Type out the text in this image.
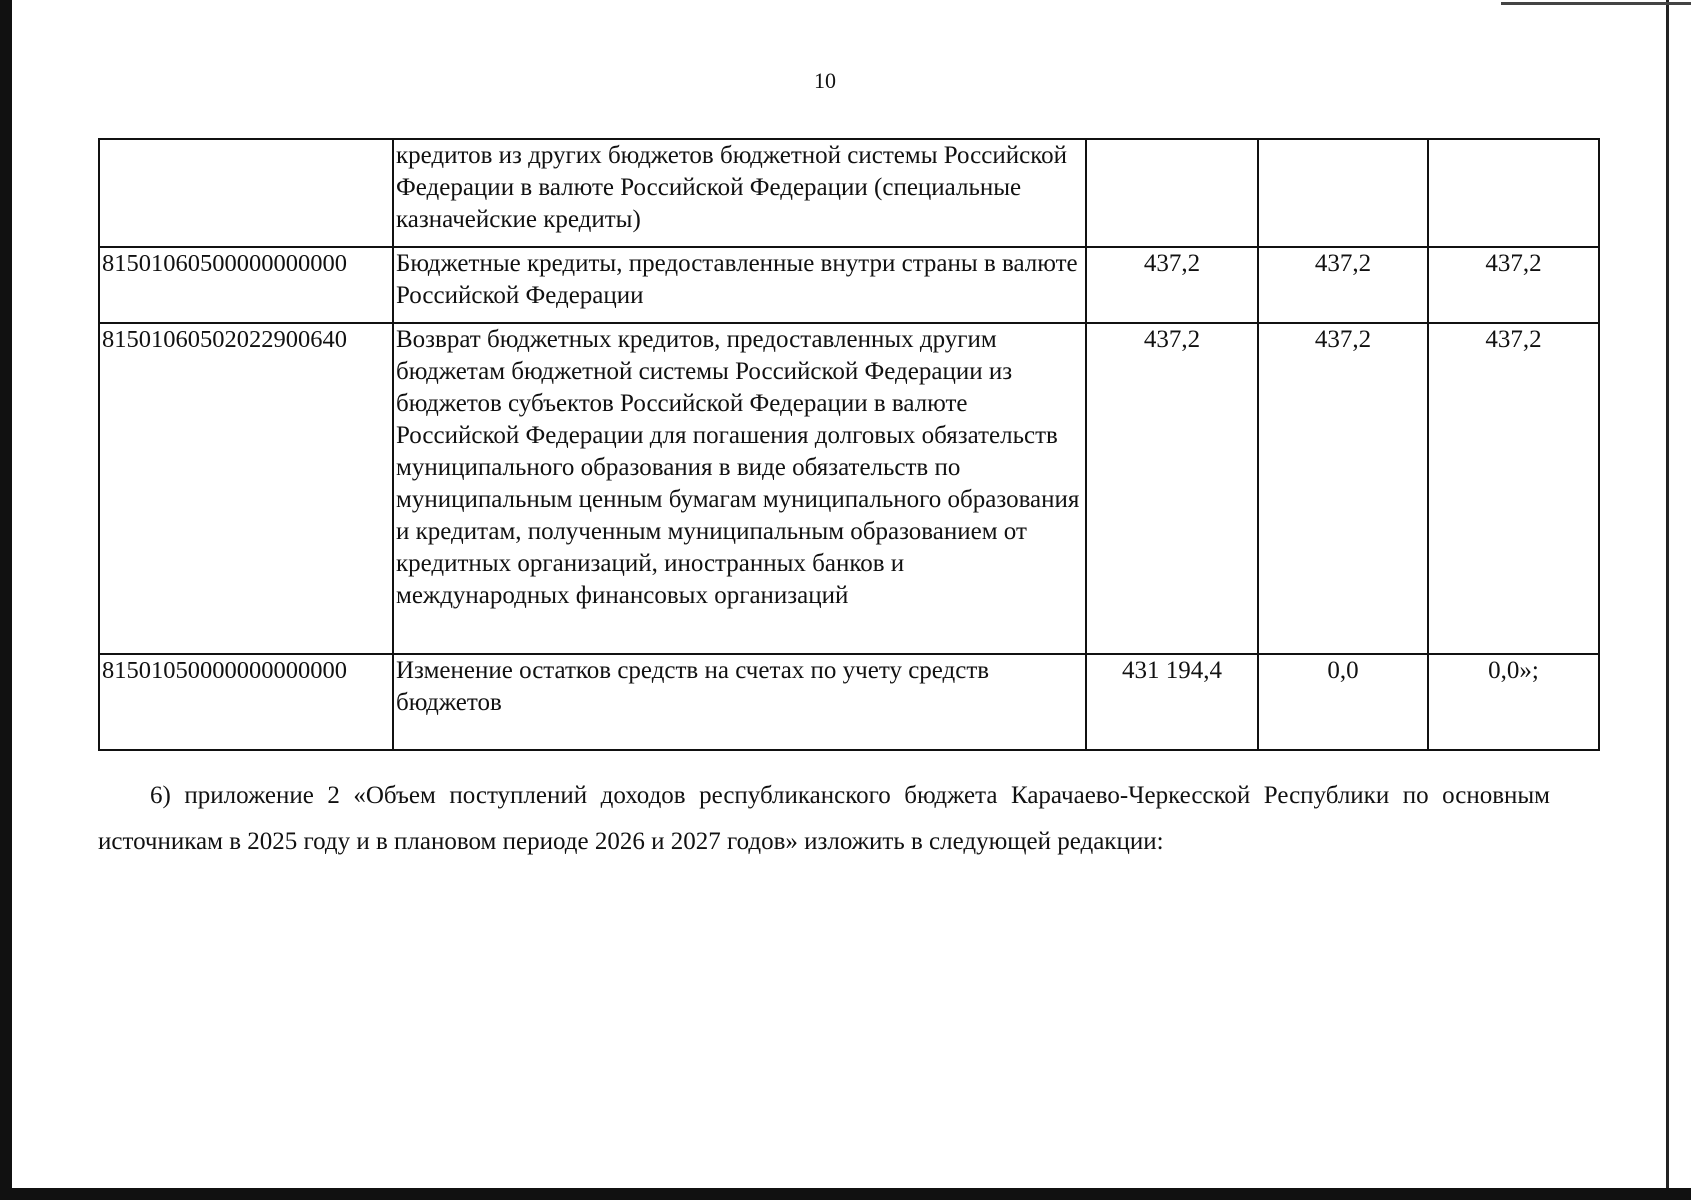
10
	кредитов из других бюджетов бюджетной системы Российской Федерации в валюте Российской Федерации (специальные казначейские кредиты)			
81501060500000000000	Бюджетные кредиты, предоставленные внутри страны в валюте Российской Федерации	437,2	437,2	437,2
81501060502022900640	Возврат бюджетных кредитов, предоставленных другим бюджетам бюджетной системы Российской Федерации из бюджетов субъектов Российской Федерации в валюте Российской Федерации для погашения долговых обязательств муниципального образования в виде обязательств по муниципальным ценным бумагам муниципального образования и кредитам, полученным муниципальным образованием от кредитных организаций, иностранных банков и международных финансовых организаций	437,2	437,2	437,2
81501050000000000000	Изменение остатков средств на счетах по учету средств бюджетов	431 194,4	0,0	0,0»;
6) приложение 2 «Объем поступлений доходов республиканского бюджета Карачаево-Черкесской Республики по основным источникам в 2025 году и в плановом периоде 2026 и 2027 годов» изложить в следующей редакции:
